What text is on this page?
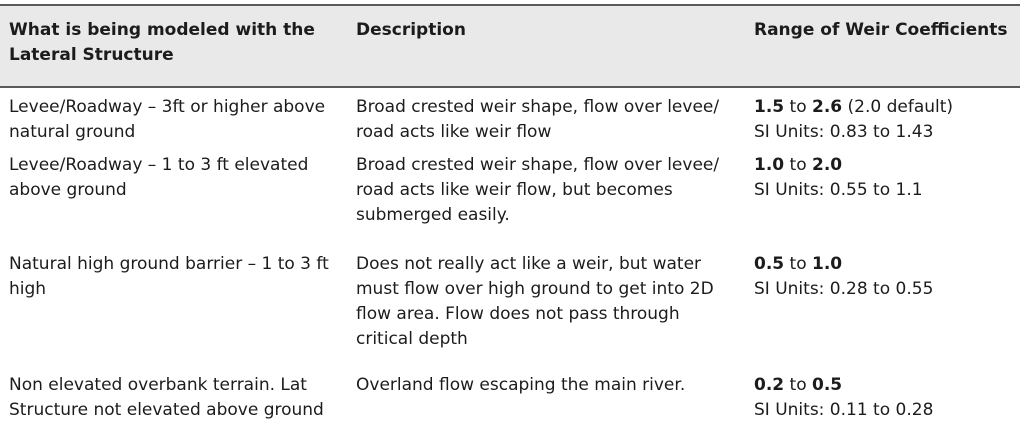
What is being modeled with the Lateral Structure
Description	Range of Weir Coefficients
Levee/Roadway – 3ft or higher above natural ground
Broad crested weir shape, flow over levee/ road acts like weir flow
1.5 to 2.6 (2.0 default)
SI Units: 0.83 to 1.43
Levee/Roadway – 1 to 3 ft elevated above ground
Broad crested weir shape, flow over levee/ road acts like weir flow, but becomes submerged easily.
1.0 to 2.0
SI Units: 0.55 to 1.1
Natural high ground barrier – 1 to 3 ft high
Does not really act like a weir, but water must flow over high ground to get into 2D flow area. Flow does not pass through critical depth
0.5 to 1.0
SI Units: 0.28 to 0.55
Non elevated overbank terrain. Lat Structure not elevated above ground
Overland flow escaping the main river.	0.2 to 0.5
SI Units: 0.11 to 0.28
